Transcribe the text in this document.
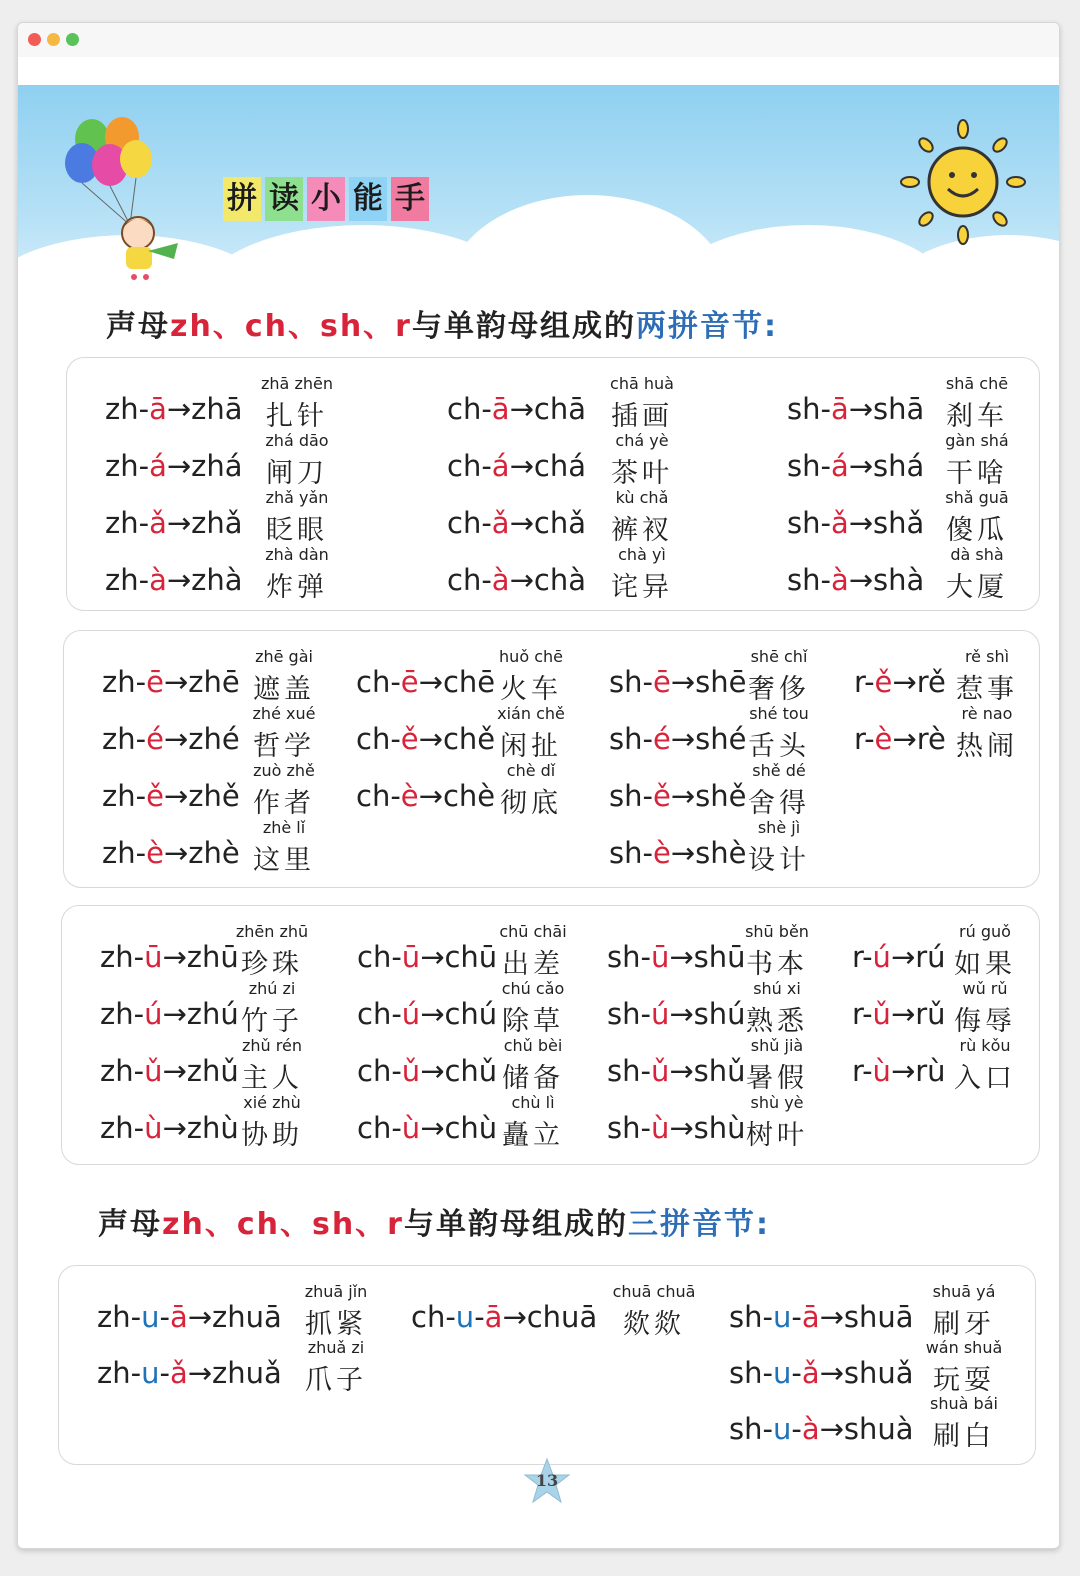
拼 读 小 能 手
声母zh、ch、sh、r与单韵母组成的两拼音节:
zh-ā→zhā
zhā zhēn
扎针
zh-á→zhá
zhá dāo
闸刀
zh-ǎ→zhǎ
zhǎ yǎn
眨眼
zh-à→zhà
zhà dàn
炸弹
ch-ā→chā
chā huà
插画
ch-á→chá
chá yè
茶叶
ch-ǎ→chǎ
kù chǎ
裤衩
ch-à→chà
chà yì
诧异
sh-ā→shā
shā chē
刹车
sh-á→shá
gàn shá
干啥
sh-ǎ→shǎ
shǎ guā
傻瓜
sh-à→shà
dà shà
大厦
zh-ē→zhē
zhē gài
遮盖
zh-é→zhé
zhé xué
哲学
zh-ě→zhě
zuò zhě
作者
zh-è→zhè
zhè lǐ
这里
ch-ē→chē
huǒ chē
火车
ch-ě→chě
xián chě
闲扯
ch-è→chè
chè dǐ
彻底
sh-ē→shē
shē chǐ
奢侈
sh-é→shé
shé tou
舌头
sh-ě→shě
shě dé
舍得
sh-è→shè
shè jì
设计
r-ě→rě
rě shì
惹事
r-è→rè
rè nao
热闹
zh-ū→zhū
zhēn zhū
珍珠
zh-ú→zhú
zhú zi
竹子
zh-ǔ→zhǔ
zhǔ rén
主人
zh-ù→zhù
xié zhù
协助
ch-ū→chū
chū chāi
出差
ch-ú→chú
chú cǎo
除草
ch-ǔ→chǔ
chǔ bèi
储备
ch-ù→chù
chù lì
矗立
sh-ū→shū
shū běn
书本
sh-ú→shú
shú xi
熟悉
sh-ǔ→shǔ
shǔ jià
暑假
sh-ù→shù
shù yè
树叶
r-ú→rú
rú guǒ
如果
r-ǔ→rǔ
wǔ rǔ
侮辱
r-ù→rù
rù kǒu
入口
声母zh、ch、sh、r与单韵母组成的三拼音节:
zh-u-ā→zhuā
zhuā jǐn
抓紧
zh-u-ǎ→zhuǎ
zhuǎ zi
爪子
ch-u-ā→chuā
chuā chuā
欻欻	sh-u-ā→shuā
shuā yá
刷牙
sh-u-ǎ→shuǎ
wán shuǎ
玩耍
sh-u-à→shuà
shuà bái
刷白
13
